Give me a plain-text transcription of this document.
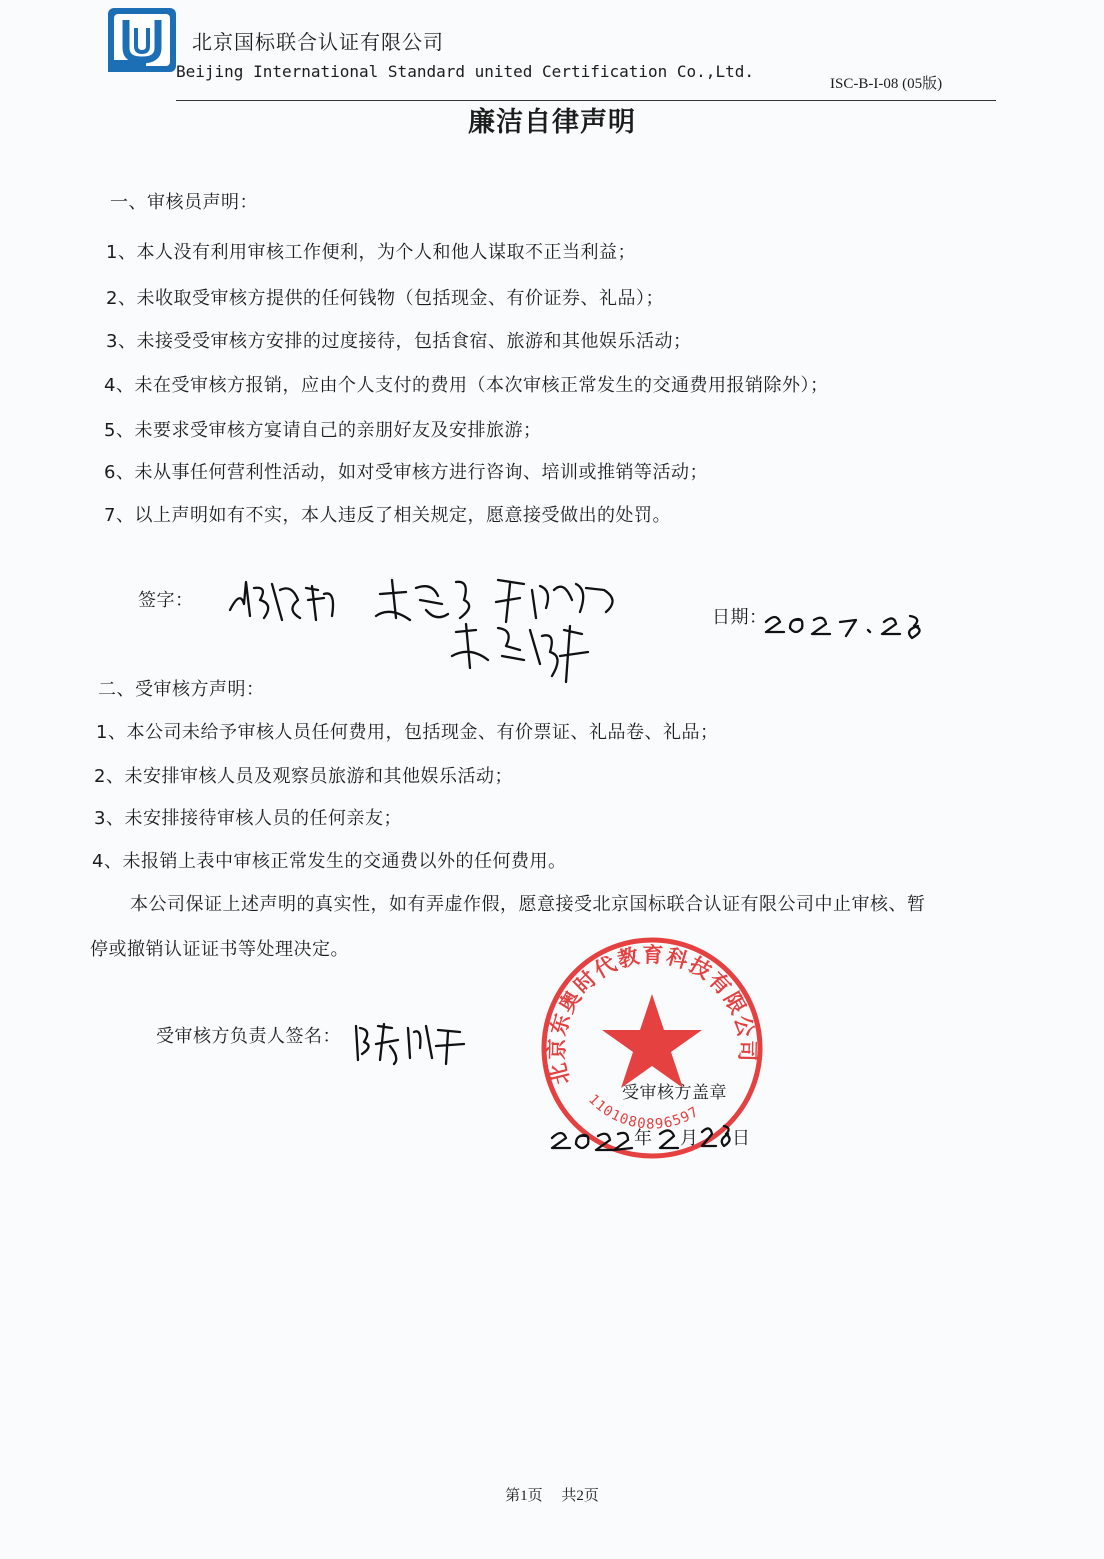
北京国标联合认证有限公司
Beijing International Standard united Certification Co.,Ltd.
ISC-B-I-08 (05版)
廉洁自律声明
一、审核员声明：
1、本人没有利用审核工作便利，为个人和他人谋取不正当利益；
2、未收取受审核方提供的任何钱物（包括现金、有价证券、礼品）；
3、未接受受审核方安排的过度接待，包括食宿、旅游和其他娱乐活动；
4、未在受审核方报销，应由个人支付的费用（本次审核正常发生的交通费用报销除外）；
5、未要求受审核方宴请自己的亲朋好友及安排旅游；
6、未从事任何营利性活动，如对受审核方进行咨询、培训或推销等活动；
7、以上声明如有不实，本人违反了相关规定，愿意接受做出的处罚。
签字：
日期：
二、受审核方声明：
1、本公司未给予审核人员任何费用，包括现金、有价票证、礼品卷、礼品；
2、未安排审核人员及观察员旅游和其他娱乐活动；
3、未安排接待审核人员的任何亲友；
4、未报销上表中审核正常发生的交通费以外的任何费用。
本公司保证上述声明的真实性，如有弄虚作假，愿意接受北京国标联合认证有限公司中止审核、暂
停或撤销认证证书等处理决定。
受审核方负责人签名：
北京东奥时代教育科技有限公司
1101080896597
受审核方盖章
年 月 日
第1页 共2页
